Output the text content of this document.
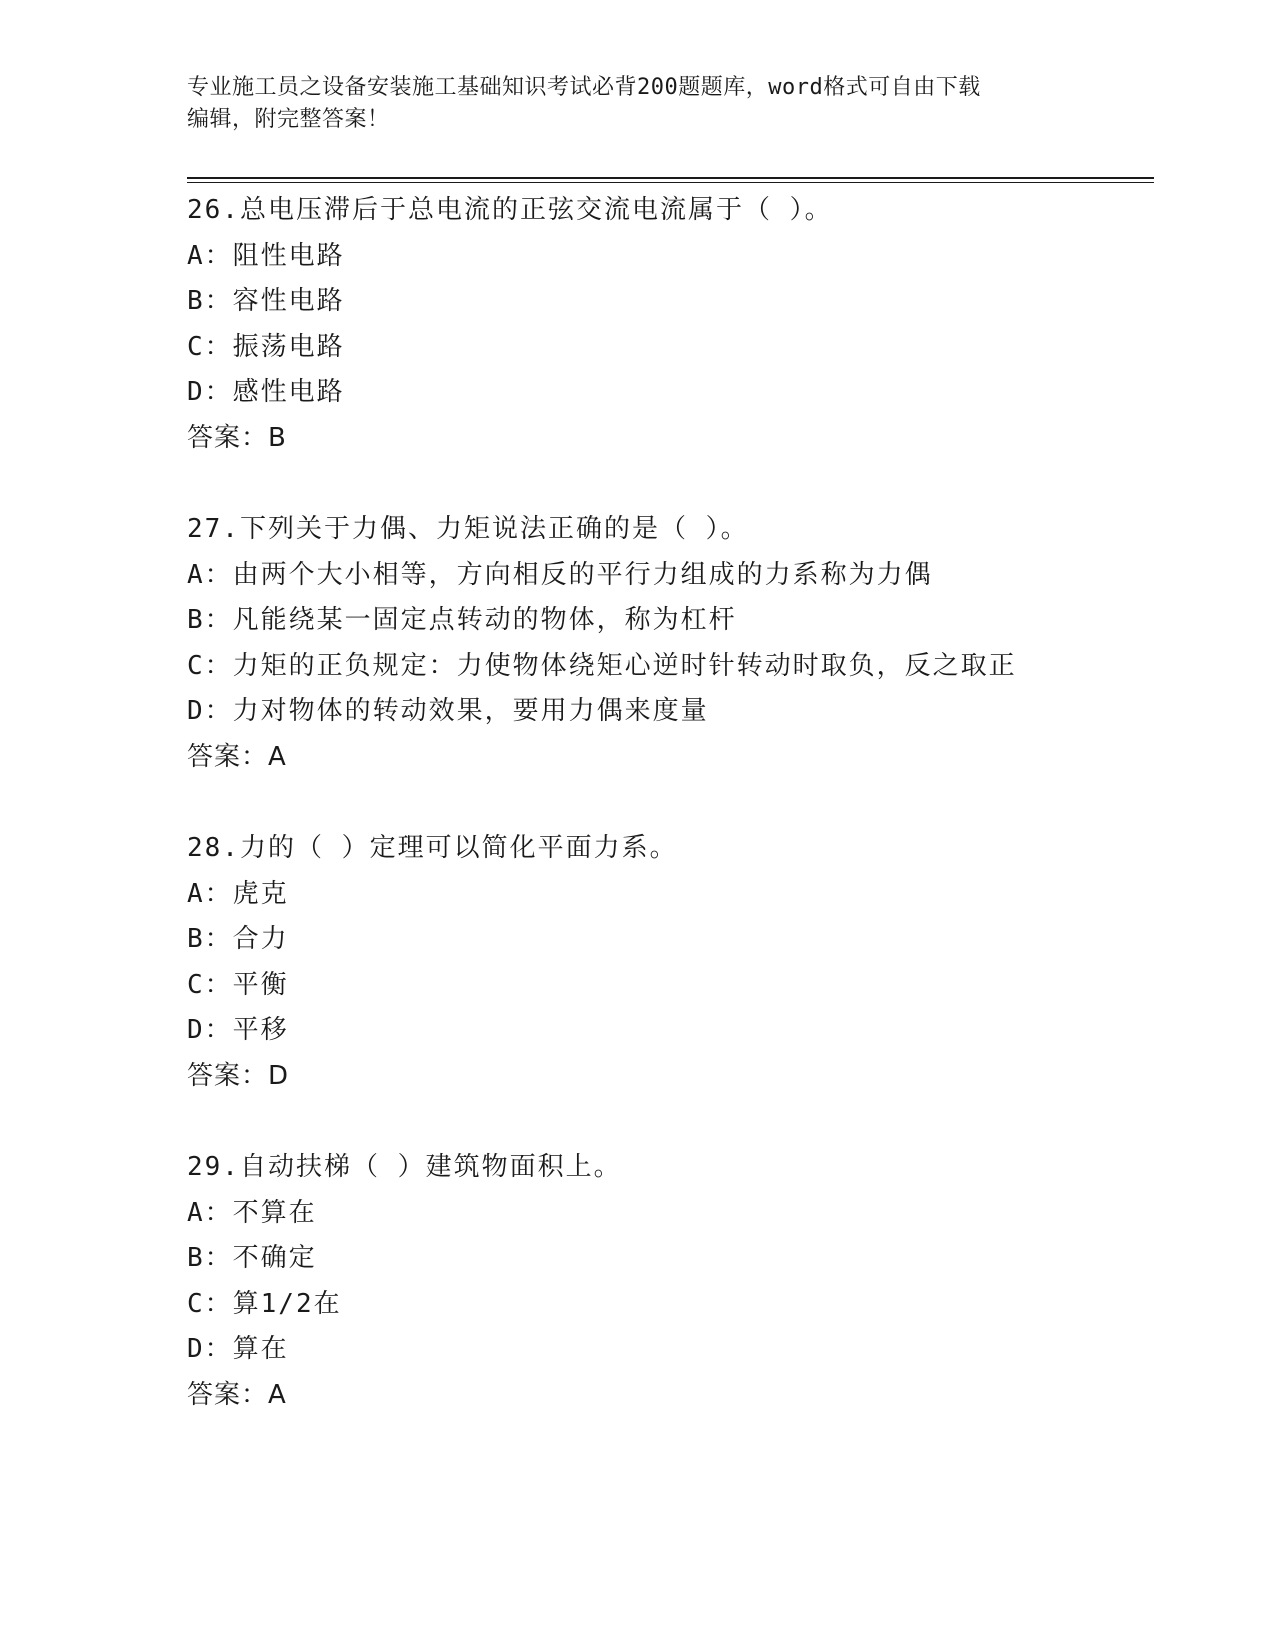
专业施工员之设备安装施工基础知识考试必背200题题库，word格式可自由下载
编辑，附完整答案！
26.总电压滞后于总电流的正弦交流电流属于（ ）。
A：阻性电路
B：容性电路
C：振荡电路
D：感性电路
答案：B
27.下列关于力偶、力矩说法正确的是（ ）。
A：由两个大小相等，方向相反的平行力组成的力系称为力偶
B：凡能绕某一固定点转动的物体，称为杠杆
C：力矩的正负规定：力使物体绕矩心逆时针转动时取负，反之取正
D：力对物体的转动效果，要用力偶来度量
答案：A
28.力的（ ）定理可以简化平面力系。
A：虎克
B：合力
C：平衡
D：平移
答案：D
29.自动扶梯（ ）建筑物面积上。
A：不算在
B：不确定
C：算1/2在
D：算在
答案：A
